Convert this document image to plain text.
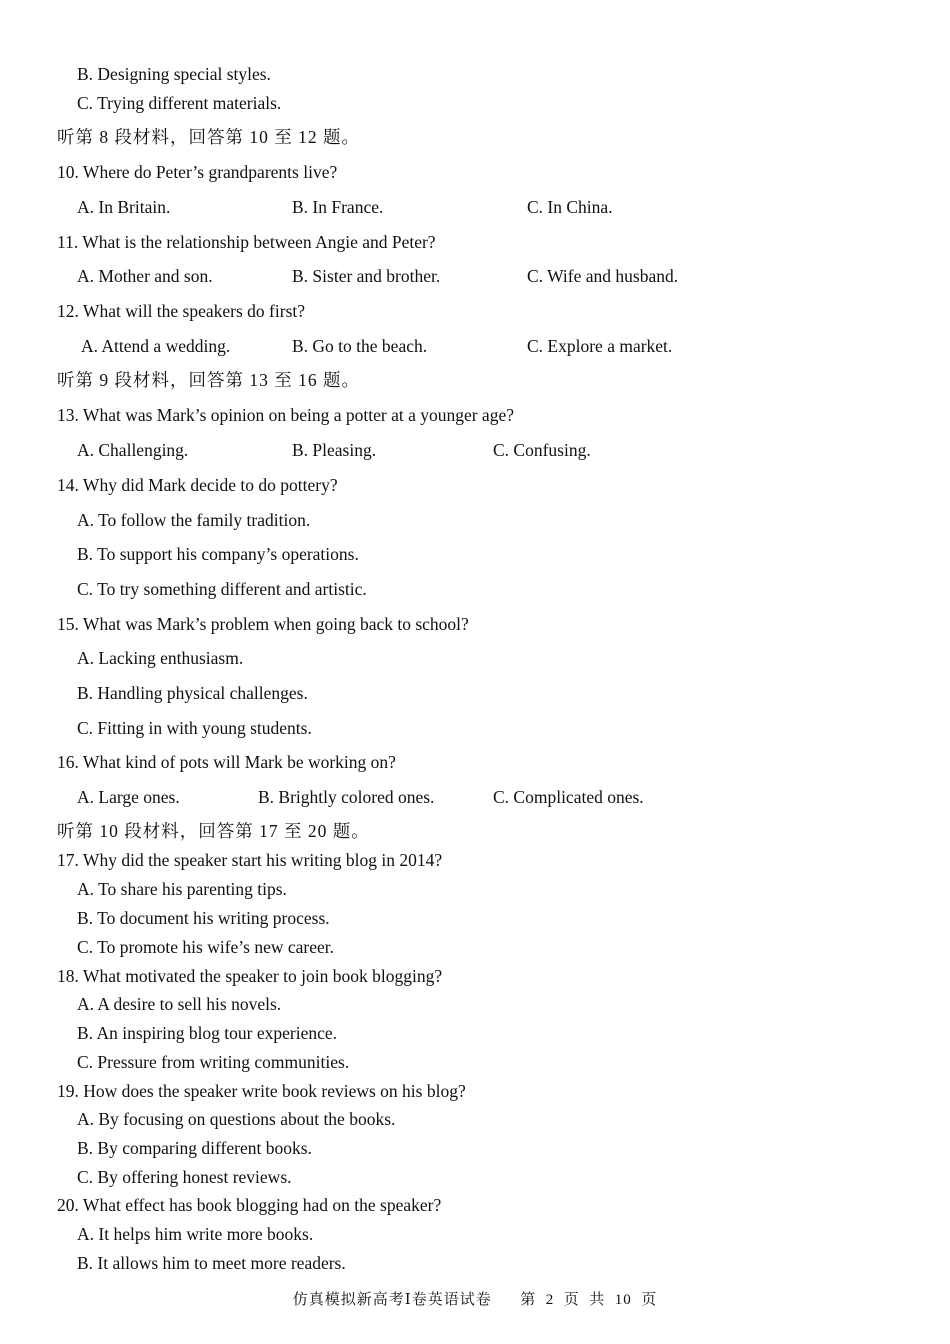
B. Designing special styles.
C. Trying different materials.
听第 8 段材料，回答第 10 至 12 题。
10. Where do Peter’s grandparents live?
A. In Britain.	B. In France.	C. In China.
11. What is the relationship between Angie and Peter?
A. Mother and son.	B. Sister and brother.	C. Wife and husband.
12. What will the speakers do first?
A. Attend a wedding.	B. Go to the beach.	C. Explore a market.
听第 9 段材料，回答第 13 至 16 题。
13. What was Mark’s opinion on being a potter at a younger age?
A. Challenging.	B. Pleasing.	C. Confusing.
14. Why did Mark decide to do pottery?
A. To follow the family tradition.
B. To support his company’s operations.
C. To try something different and artistic.
15. What was Mark’s problem when going back to school?
A. Lacking enthusiasm.
B. Handling physical challenges.
C. Fitting in with young students.
16. What kind of pots will Mark be working on?
A. Large ones.	B. Brightly colored ones.	C. Complicated ones.
听第 10 段材料，回答第 17 至 20 题。
17. Why did the speaker start his writing blog in 2014?
A. To share his parenting tips.
B. To document his writing process.
C. To promote his wife’s new career.
18. What motivated the speaker to join book blogging?
A. A desire to sell his novels.
B. An inspiring blog tour experience.
C. Pressure from writing communities.
19. How does the speaker write book reviews on his blog?
A. By focusing on questions about the books.
B. By comparing different books.
C. By offering honest reviews.
20. What effect has book blogging had on the speaker?
A. It helps him write more books.
B. It allows him to meet more readers.
仿真模拟新高考Ⅰ卷英语试卷 第  2  页  共  10  页
